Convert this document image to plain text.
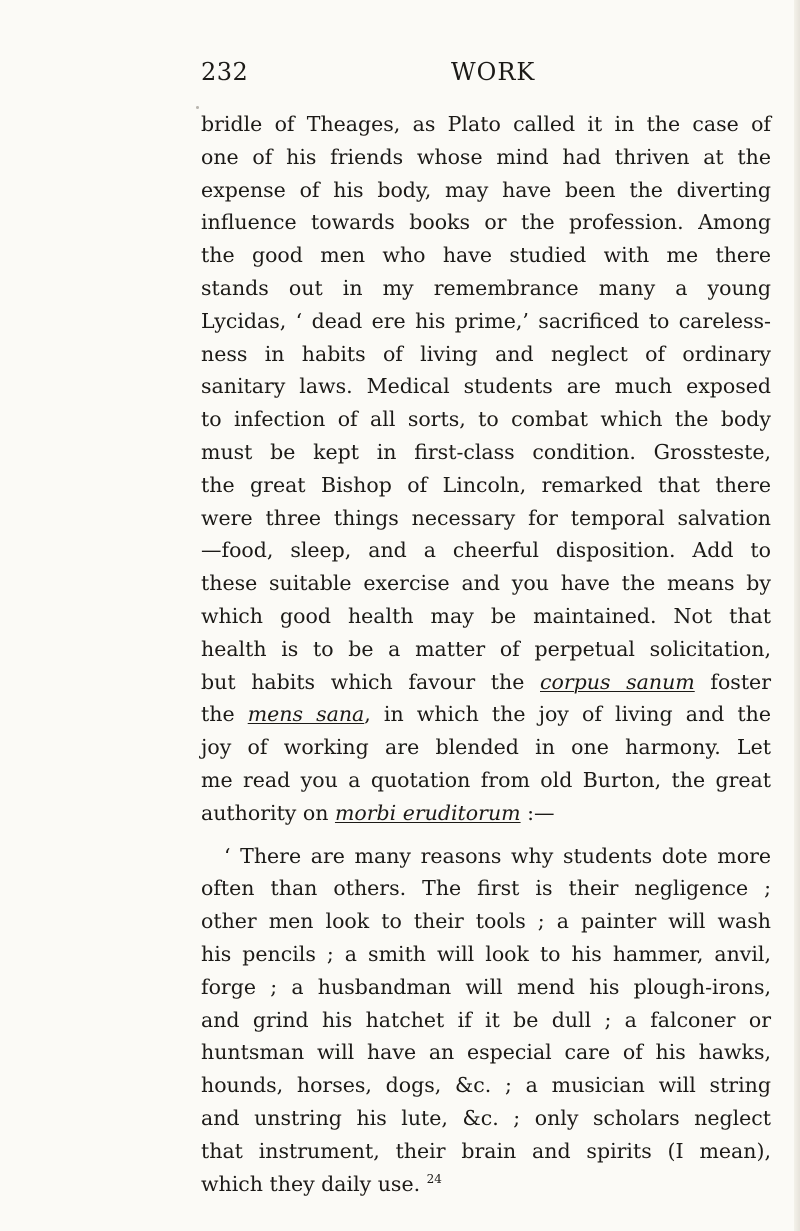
232	WORK
bridle of Theages, as Plato called it in the case of
one of his friends whose mind had thriven at the
expense of his body, may have been the diverting
influence towards books or the profession. Among
the good men who have studied with me there
stands out in my remembrance many a young
Lycidas, ‘ dead ere his prime,’ sacrificed to careless-
ness in habits of living and neglect of ordinary
sanitary laws. Medical students are much exposed
to infection of all sorts, to combat which the body
must be kept in first-class condition. Grossteste,
the great Bishop of Lincoln, remarked that there
were three things necessary for temporal salvation
—food, sleep, and a cheerful disposition. Add to
these suitable exercise and you have the means by
which good health may be maintained. Not that
health is to be a matter of perpetual solicitation,
but habits which favour the corpus sanum foster
the mens sana, in which the joy of living and the
joy of working are blended in one harmony. Let
me read you a quotation from old Burton, the great
authority on morbi eruditorum :—
‘ There are many reasons why students dote more
often than others. The first is their negligence ;
other men look to their tools ; a painter will wash
his pencils ; a smith will look to his hammer, anvil,
forge ; a husbandman will mend his plough-irons,
and grind his hatchet if it be dull ; a falconer or
huntsman will have an especial care of his hawks,
hounds, horses, dogs, &c. ; a musician will string
and unstring his lute, &c. ; only scholars neglect
that instrument, their brain and spirits (I mean),
which they daily use. $^{24}$
